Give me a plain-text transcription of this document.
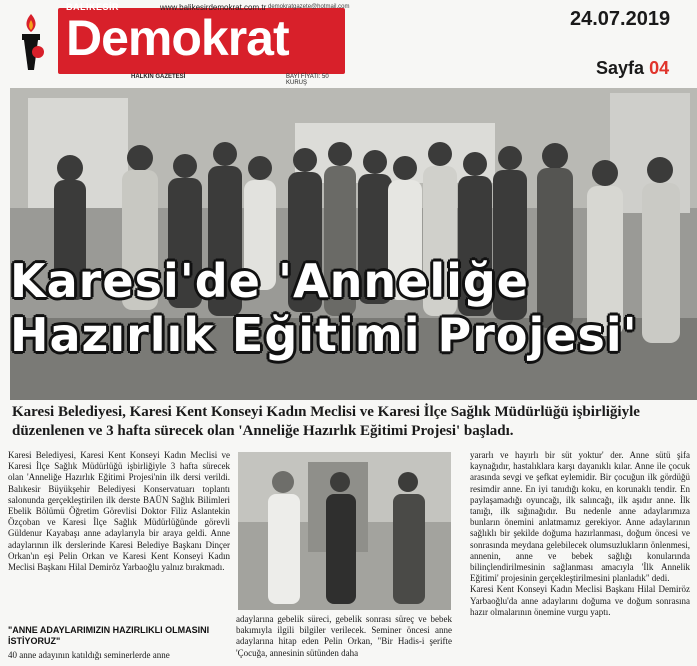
BALIKESİR	www.balikesirdemokrat.com.tr demokratgazete@hotmail.com
Demokrat
HALKIN GAZETESİ	BAYİ FİYATI: 50 KURUŞ
24.07.2019
Sayfa 04
Karesi'de 'Anneliğe
Hazırlık Eğitimi Projesi'
Karesi Belediyesi, Karesi Kent Konseyi Kadın Meclisi ve Karesi İlçe Sağlık Müdürlüğü işbirliğiyle düzenlenen ve 3 hafta sürecek olan 'Anneliğe Hazırlık Eğitimi Projesi' başladı.
Karesi Belediyesi, Karesi Kent Konseyi Kadın Meclisi ve Karesi İlçe Sağlık Müdürlüğü işbirliğiyle 3 hafta sürecek olan 'Anneliğe Hazırlık Eğitimi Projesi'nin ilk dersi verildi. Balıkesir Büyükşehir Belediyesi Konservatuarı toplantı salonunda gerçekleştirilen ilk derste BAÜN Sağlık Bilimleri Ebelik Bölümü Öğretim Görevlisi Doktor Filiz Aslantekin Özçoban ve Karesi İlçe Sağlık Müdürlüğünde görevli Güldenur Kayabaşı anne adaylarıyla bir araya geldi. Anne adaylarının ilk derslerinde Karesi Belediye Başkanı Dinçer Orkan'ın eşi Pelin Orkan ve Karesi Kent Konseyi Kadın Meclisi Başkanı Hilal Demiröz Yarbaoğlu yalnız bırakmadı.
"ANNE ADAYLARIMIZIN HAZIRLIKLI OLMASINI İSTİYORUZ"
40 anne adayının katıldığı seminerlerde anne
adaylarına gebelik süreci, gebelik sonrası süreç ve bebek bakımıyla ilgili bilgiler verilecek. Seminer öncesi anne adaylarına hitap eden Pelin Orkan, "Bir Hadis-i şerifte 'Çocuğa, annesinin sütünden daha
yararlı ve hayırlı bir süt yoktur' der. Anne sütü şifa kaynağıdır, hastalıklara karşı dayanıklı kılar. Anne ile çocuk arasında sevgi ve şefkat eylemidir. Bir çocuğun ilk gördüğü resimdir anne. En iyi tanıdığı koku, en korunaklı tendir. En paylaşamadığı oyuncağı, ilk salıncağı, ilk aşıdır anne. İlk tanığı, ilk sığınağıdır. Bu nedenle anne adaylarımıza bunların önemini anlatmamız gerekiyor. Anne adaylarının sağlıklı bir şekilde doğuma hazırlanması, doğum öncesi ve sonrasında meydana gelebilecek olumsuzlukların önlenmesi, annenin, anne ve bebek sağlığı konularında bilinçlendirilmesinin sağlanması amacıyla 'İlk Annelik Eğitimi' projesinin gerçekleştirilmesini planladık" dedi.
Karesi Kent Konseyi Kadın Meclisi Başkanı Hilal Demiröz Yarbaoğlu'da anne adaylarını doğuma ve doğum sonrasına hazır olmalarının önemine vurgu yaptı.
